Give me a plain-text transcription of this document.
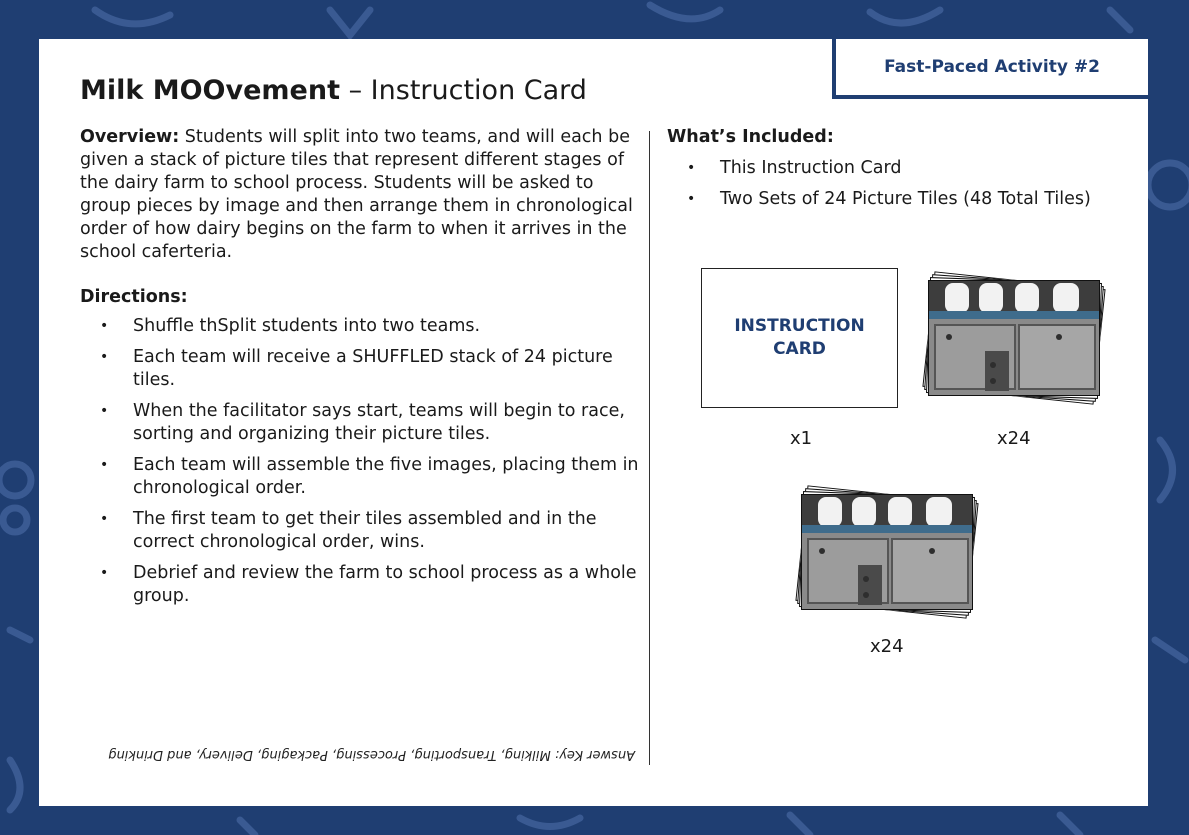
Fast-Paced Activity #2
Milk MOOvement – Instruction Card

Overview: Students will split into two teams, and will each be given a stack of picture tiles that represent different stages of the dairy farm to school process. Students will be asked to group pieces by image and then arrange them in chronological order of how dairy begins on the farm to when it arrives in the school caferteria.

Directions:
• Shuffle thSplit students into two teams.
• Each team will receive a SHUFFLED stack of 24 picture tiles.
• When the facilitator says start, teams will begin to race, sorting and organizing their picture tiles.
• Each team will assemble the five images, placing them in chronological order.
• The first team to get their tiles assembled and in the correct chronological order, wins.
• Debrief and review the farm to school process as a whole group.
Answer Key: Milking, Transporting, Processing, Packaging, Delivery, and Drinking
What’s Included:
• This Instruction Card
• Two Sets of 24 Picture Tiles (48 Total Tiles)
INSTRUCTION
CARD
x1	x24
x24
